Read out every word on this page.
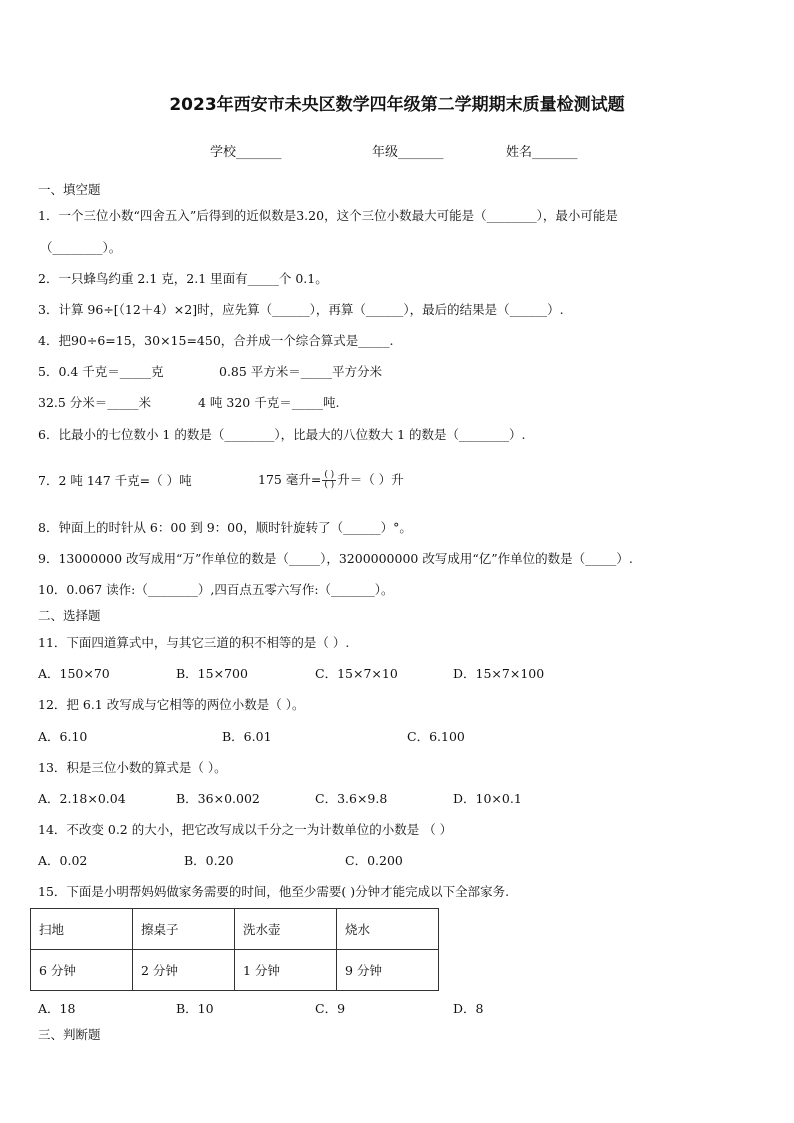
2023年西安市未央区数学四年级第二学期期末质量检测试题
学校_______	年级_______	姓名_______
一、填空题
1．一个三位小数“四舍五入”后得到的近似数是3.20，这个三位小数最大可能是（________），最小可能是
（________）。
2．一只蜂鸟约重 2.1 克，2.1 里面有_____个 0.1。
3．计算 96÷[（12＋4）×2]时，应先算（______），再算（______），最后的结果是（______）.
4．把90÷6=15，30×15=450，合并成一个综合算式是_____.
5．0.4 千克＝_____克	0.85 平方米＝_____平方分米
32.5 分米＝_____米	4 吨 320 千克＝_____吨.
6．比最小的七位数小 1 的数是（________），比最大的八位数大 1 的数是（________）.
7．2 吨 147 千克=（ ）吨	175 毫升= $\frac{( )}{( )}$ 升＝（ ）升
8．钟面上的时针从 6：00 到 9：00，顺时针旋转了（______）°。
9．13000000 改写成用“万”作单位的数是（_____），3200000000 改写成用“亿”作单位的数是（_____）.
10．0.067 读作:（________）,四百点五零六写作:（_______）。
二、选择题
11．下面四道算式中，与其它三道的积不相等的是（ ）.
A．150×70	B．15×700	C．15×7×10	D．15×7×100
12．把 6.1 改写成与它相等的两位小数是（ ）。
A．6.10	B．6.01	C．6.100
13．积是三位小数的算式是（ ）。
A．2.18×0.04	B．36×0.002	C．3.6×9.8	D．10×0.1
14．不改变 0.2 的大小，把它改写成以千分之一为计数单位的小数是 （ ）
A．0.02	B．0.20	C．0.200
15．下面是小明帮妈妈做家务需要的时间，他至少需要( )分钟才能完成以下全部家务.
扫地	擦桌子	洗水壶	烧水
6 分钟	2 分钟	1 分钟	9 分钟
A．18	B．10	C．9	D．8
三、判断题
